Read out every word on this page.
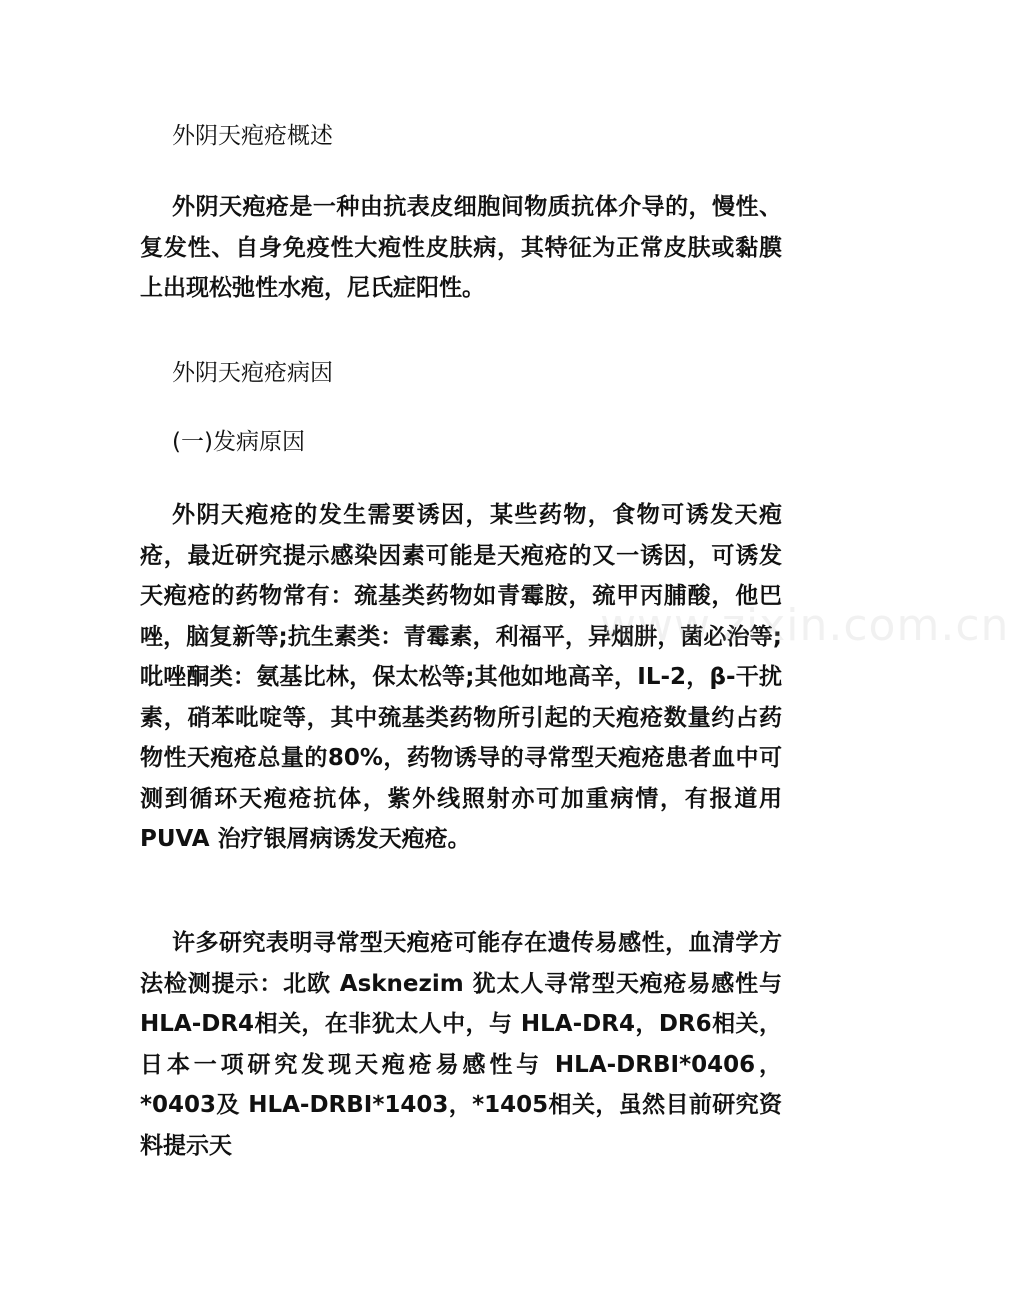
外阴天疱疮概述
外阴天疱疮是一种由抗表皮细胞间物质抗体介导的，慢性、复发性、自身免疫性大疱性皮肤病，其特征为正常皮肤或黏膜上出现松弛性水疱，尼氏症阳性。
外阴天疱疮病因
(一)发病原因
外阴天疱疮的发生需要诱因，某些药物，食物可诱发天疱疮，最近研究提示感染因素可能是天疱疮的又一诱因，可诱发天疱疮的药物常有：巯基类药物如青霉胺，巯甲丙脯酸，他巴唑，脑复新等;抗生素类：青霉素，利福平，异烟肼，菌必治等;吡唑酮类：氨基比林，保太松等;其他如地高辛，IL-2，β-干扰素，硝苯吡啶等，其中巯基类药物所引起的天疱疮数量约占药物性天疱疮总量的80%，药物诱导的寻常型天疱疮患者血中可测到循环天疱疮抗体，紫外线照射亦可加重病情，有报道用 PUVA 治疗银屑病诱发天疱疮。
许多研究表明寻常型天疱疮可能存在遗传易感性，血清学方法检测提示：北欧 Asknezim 犹太人寻常型天疱疮易感性与 HLA-DR4相关，在非犹太人中，与 HLA-DR4，DR6相关，日本一项研究发现天疱疮易感性与 HLA-DRBI*0406，*0403及 HLA-DRBI*1403，*1405相关，虽然目前研究资料提示天
www.zixin.com.cn
